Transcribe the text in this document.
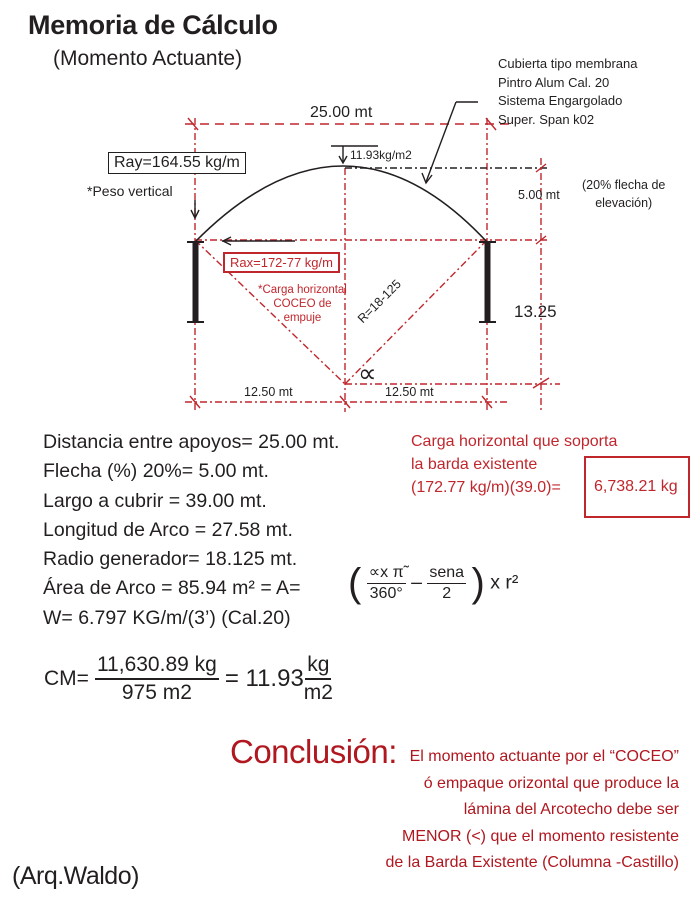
Memoria de Cálculo
(Momento Actuante)	Cubierta tipo membrana
Pintro Alum Cal. 20
Sistema Engargolado
Super. Span k02
25.00 mt
11.93kg/m2
Ray=164.55 kg/m
*Peso vertical	5.00 mt
(20% flecha de
elevación)
Rax=172-77 kg/m
*Carga horizontal
COCEO de
empuje	R=18-125	13.25
∝
12.50 mt	12.50 mt
Distancia entre apoyos= 25.00 mt.
Flecha (%) 20%= 5.00 mt.
Largo a cubrir = 39.00 mt.
Longitud de Arco = 27.58 mt.
Radio generador= 18.125 mt.
Área de Arco = 85.94 m² = A=
W= 6.797 KG/m/(3’) (Cal.20)
( $\frac{\text{∝x π̃}}{360^\circ} - \frac{\text{sena}}{2}$ ) x r²
$CM= \frac{11,630.89 kg}{975 m2} = 11.93 \frac{kg}{m2}$
Carga horizontal que soporta
la barda existente
(172.77 kg/m)(39.0)=	6,738.21 kg
Conclusión: El momento actuante por el “COCEO”
ó empaque orizontal que produce la
lámina del Arcotecho debe ser
MENOR (<) que el momento resistente
de la Barda Existente (Columna -Castillo)
(Arq.Waldo)
